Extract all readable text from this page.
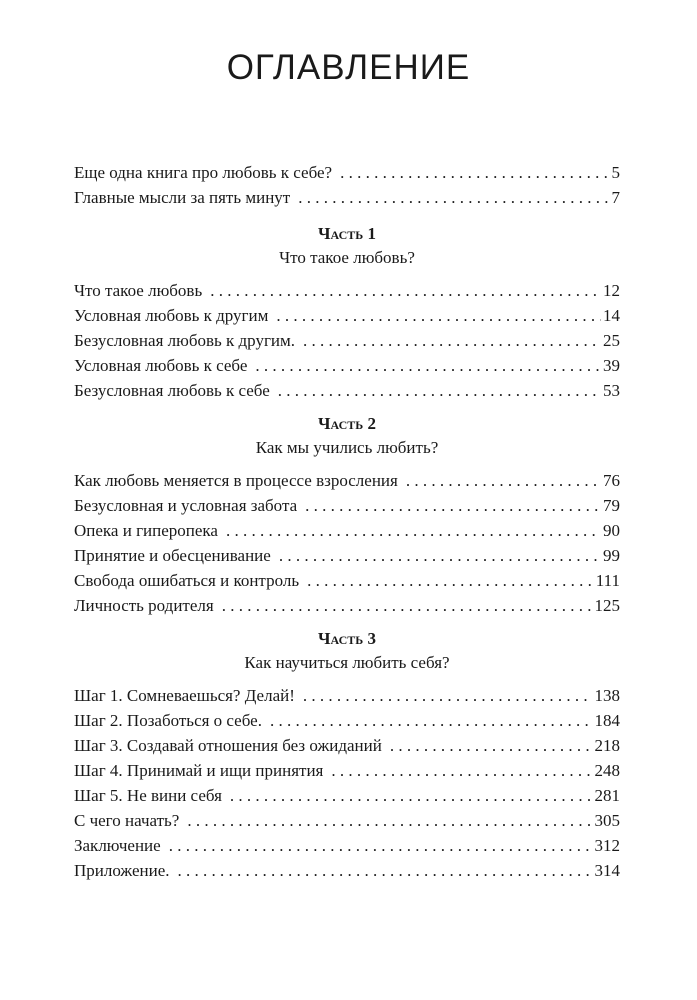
ОГЛАВЛЕНИЕ
Еще одна книга про любовь к себе? . . .	5
Главные мысли за пять минут . . .	7
Часть 1
Что такое любовь?
Что такое любовь . . .	12
Условная любовь к другим . . .	14
Безусловная любовь к другим. . . .	25
Условная любовь к себе . . .	39
Безусловная любовь к себе . . .	53
Часть 2
Как мы учились любить?
Как любовь меняется в процессе взросления . . .	76
Безусловная и условная забота . . .	79
Опека и гиперопека . . .	90
Принятие и обесценивание . . .	99
Свобода ошибаться и контроль . . .	111
Личность родителя . . .	125
Часть 3
Как научиться любить себя?
Шаг 1. Сомневаешься? Делай! . . .	138
Шаг 2. Позаботься о себе. . . .	184
Шаг 3. Создавай отношения без ожиданий . . .	218
Шаг 4. Принимай и ищи принятия . . .	248
Шаг 5. Не вини себя . . .	281
С чего начать? . . .	305
Заключение . . .	312
Приложение. . . .	314
